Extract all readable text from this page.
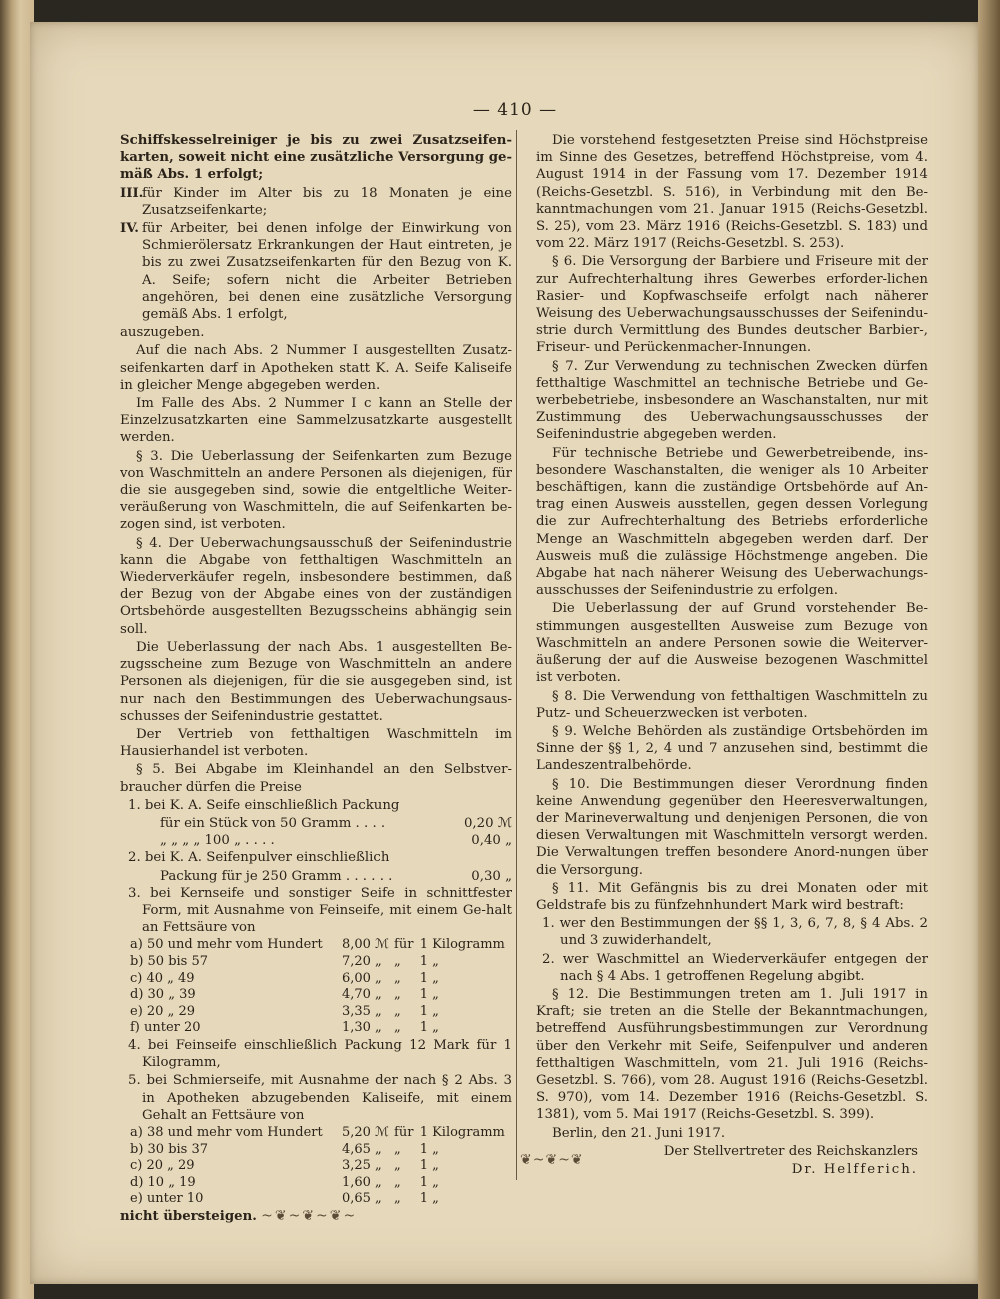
— 410 —

Schiffskesselreiniger je bis zu zwei Zusatzseifen-karten, soweit nicht eine zusätzliche Versorgung ge-mäß Abs. 1 erfolgt;

III.für Kinder im Alter bis zu 18 Monaten je eine Zusatzseifenkarte;

IV. für Arbeiter, bei denen infolge der Einwirkung von Schmierölersatz Erkrankungen der Haut eintreten, je bis zu zwei Zusatzseifenkarten für den Bezug von K. A. Seife; sofern nicht die Arbeiter Betrieben angehören, bei denen eine zusätzliche Versorgung gemäß Abs. 1 erfolgt,

auszugeben.

Auf die nach Abs. 2 Nummer I ausgestellten Zusatz-seifenkarten darf in Apotheken statt K. A. Seife Kaliseife in gleicher Menge abgegeben werden.

Im Falle des Abs. 2 Nummer I c kann an Stelle der Einzelzusatzkarten eine Sammelzusatzkarte ausgestellt werden.

§ 3. Die Ueberlassung der Seifenkarten zum Bezuge von Waschmitteln an andere Personen als diejenigen, für die sie ausgegeben sind, sowie die entgeltliche Weiter-veräußerung von Waschmitteln, die auf Seifenkarten be-zogen sind, ist verboten.

§ 4. Der Ueberwachungsausschuß der Seifenindustrie kann die Abgabe von fetthaltigen Waschmitteln an Wiederverkäufer regeln, insbesondere bestimmen, daß der Bezug von der Abgabe eines von der zuständigen Ortsbehörde ausgestellten Bezugsscheins abhängig sein soll.

Die Ueberlassung der nach Abs. 1 ausgestellten Be-zugsscheine zum Bezuge von Waschmitteln an andere Personen als diejenigen, für die sie ausgegeben sind, ist nur nach den Bestimmungen des Ueberwachungsaus-schusses der Seifenindustrie gestattet.

Der Vertrieb von fetthaltigen Waschmitteln im Hausierhandel ist verboten.

§ 5. Bei Abgabe im Kleinhandel an den Selbstver-braucher dürfen die Preise

1. bei K. A. Seife einschließlich Packung

für ein Stück von 50 Gramm . . . .	0,20 ℳ
„ „ „ „ 100 „ . . . .	0,40 „

2. bei K. A. Seifenpulver einschließlich

Packung für je 250 Gramm . . . . . .	0,30 „

3. bei Kernseife und sonstiger Seife in schnittfester Form, mit Ausnahme von Feinseife, mit einem Ge-halt an Fettsäure von

a) 50 und mehr vom Hundert	8,00	ℳ	für	1	Kilogramm
b) 50 bis 57	7,20	„	„	1	„
c) 40 „ 49	6,00	„	„	1	„
d) 30 „ 39	4,70	„	„	1	„
e) 20 „ 29	3,35	„	„	1	„
f) unter 20	1,30	„	„	1	„

4. bei Feinseife einschließlich Packung 12 Mark für 1 Kilogramm,

5. bei Schmierseife, mit Ausnahme der nach § 2 Abs. 3 in Apotheken abzugebenden Kaliseife, mit einem Gehalt an Fettsäure von

a) 38 und mehr vom Hundert	5,20	ℳ	für	1	Kilogramm
b) 30 bis 37	4,65	„	„	1	„
c) 20 „ 29	3,25	„	„	1	„
d) 10 „ 19	1,60	„	„	1	„
e) unter 10	0,65	„	„	1	„

nicht übersteigen. ~❦~❦~❦~

Die vorstehend festgesetzten Preise sind Höchstpreise im Sinne des Gesetzes, betreffend Höchstpreise, vom 4. August 1914 in der Fassung vom 17. Dezember 1914 (Reichs-Gesetzbl. S. 516), in Verbindung mit den Be-kanntmachungen vom 21. Januar 1915 (Reichs-Gesetzbl. S. 25), vom 23. März 1916 (Reichs-Gesetzbl. S. 183) und vom 22. März 1917 (Reichs-Gesetzbl. S. 253).

§ 6. Die Versorgung der Barbiere und Friseure mit der zur Aufrechterhaltung ihres Gewerbes erforder-lichen Rasier- und Kopfwaschseife erfolgt nach näherer Weisung des Ueberwachungsausschusses der Seifenindu-strie durch Vermittlung des Bundes deutscher Barbier-, Friseur- und Perückenmacher-Innungen.

§ 7. Zur Verwendung zu technischen Zwecken dürfen fetthaltige Waschmittel an technische Betriebe und Ge-werbebetriebe, insbesondere an Waschanstalten, nur mit Zustimmung des Ueberwachungsausschusses der Seifenindustrie abgegeben werden.

Für technische Betriebe und Gewerbetreibende, ins-besondere Waschanstalten, die weniger als 10 Arbeiter beschäftigen, kann die zuständige Ortsbehörde auf An-trag einen Ausweis ausstellen, gegen dessen Vorlegung die zur Aufrechterhaltung des Betriebs erforderliche Menge an Waschmitteln abgegeben werden darf. Der Ausweis muß die zulässige Höchstmenge angeben. Die Abgabe hat nach näherer Weisung des Ueberwachungs-ausschusses der Seifenindustrie zu erfolgen.

Die Ueberlassung der auf Grund vorstehender Be-stimmungen ausgestellten Ausweise zum Bezuge von Waschmitteln an andere Personen sowie die Weiterver-äußerung der auf die Ausweise bezogenen Waschmittel ist verboten.

§ 8. Die Verwendung von fetthaltigen Waschmitteln zu Putz- und Scheuerzwecken ist verboten.

§ 9. Welche Behörden als zuständige Ortsbehörden im Sinne der §§ 1, 2, 4 und 7 anzusehen sind, bestimmt die Landeszentralbehörde.

§ 10. Die Bestimmungen dieser Verordnung finden keine Anwendung gegenüber den Heeresverwaltungen, der Marineverwaltung und denjenigen Personen, die von diesen Verwaltungen mit Waschmitteln versorgt werden. Die Verwaltungen treffen besondere Anord-nungen über die Versorgung.

§ 11. Mit Gefängnis bis zu drei Monaten oder mit Geldstrafe bis zu fünfzehnhundert Mark wird bestraft:

1. wer den Bestimmungen der §§ 1, 3, 6, 7, 8, § 4 Abs. 2 und 3 zuwiderhandelt,

2. wer Waschmittel an Wiederverkäufer entgegen der nach § 4 Abs. 1 getroffenen Regelung abgibt.

§ 12. Die Bestimmungen treten am 1. Juli 1917 in Kraft; sie treten an die Stelle der Bekanntmachungen, betreffend Ausführungsbestimmungen zur Verordnung über den Verkehr mit Seife, Seifenpulver und anderen fetthaltigen Waschmitteln, vom 21. Juli 1916 (Reichs-Gesetzbl. S. 766), vom 28. August 1916 (Reichs-Gesetzbl. S. 970), vom 14. Dezember 1916 (Reichs-Gesetzbl. S. 1381), vom 5. Mai 1917 (Reichs-Gesetzbl. S. 399).

Berlin, den 21. Juni 1917.

Der Stellvertreter des Reichskanzlers

Dr. Helfferich.

❦~❦~❦
